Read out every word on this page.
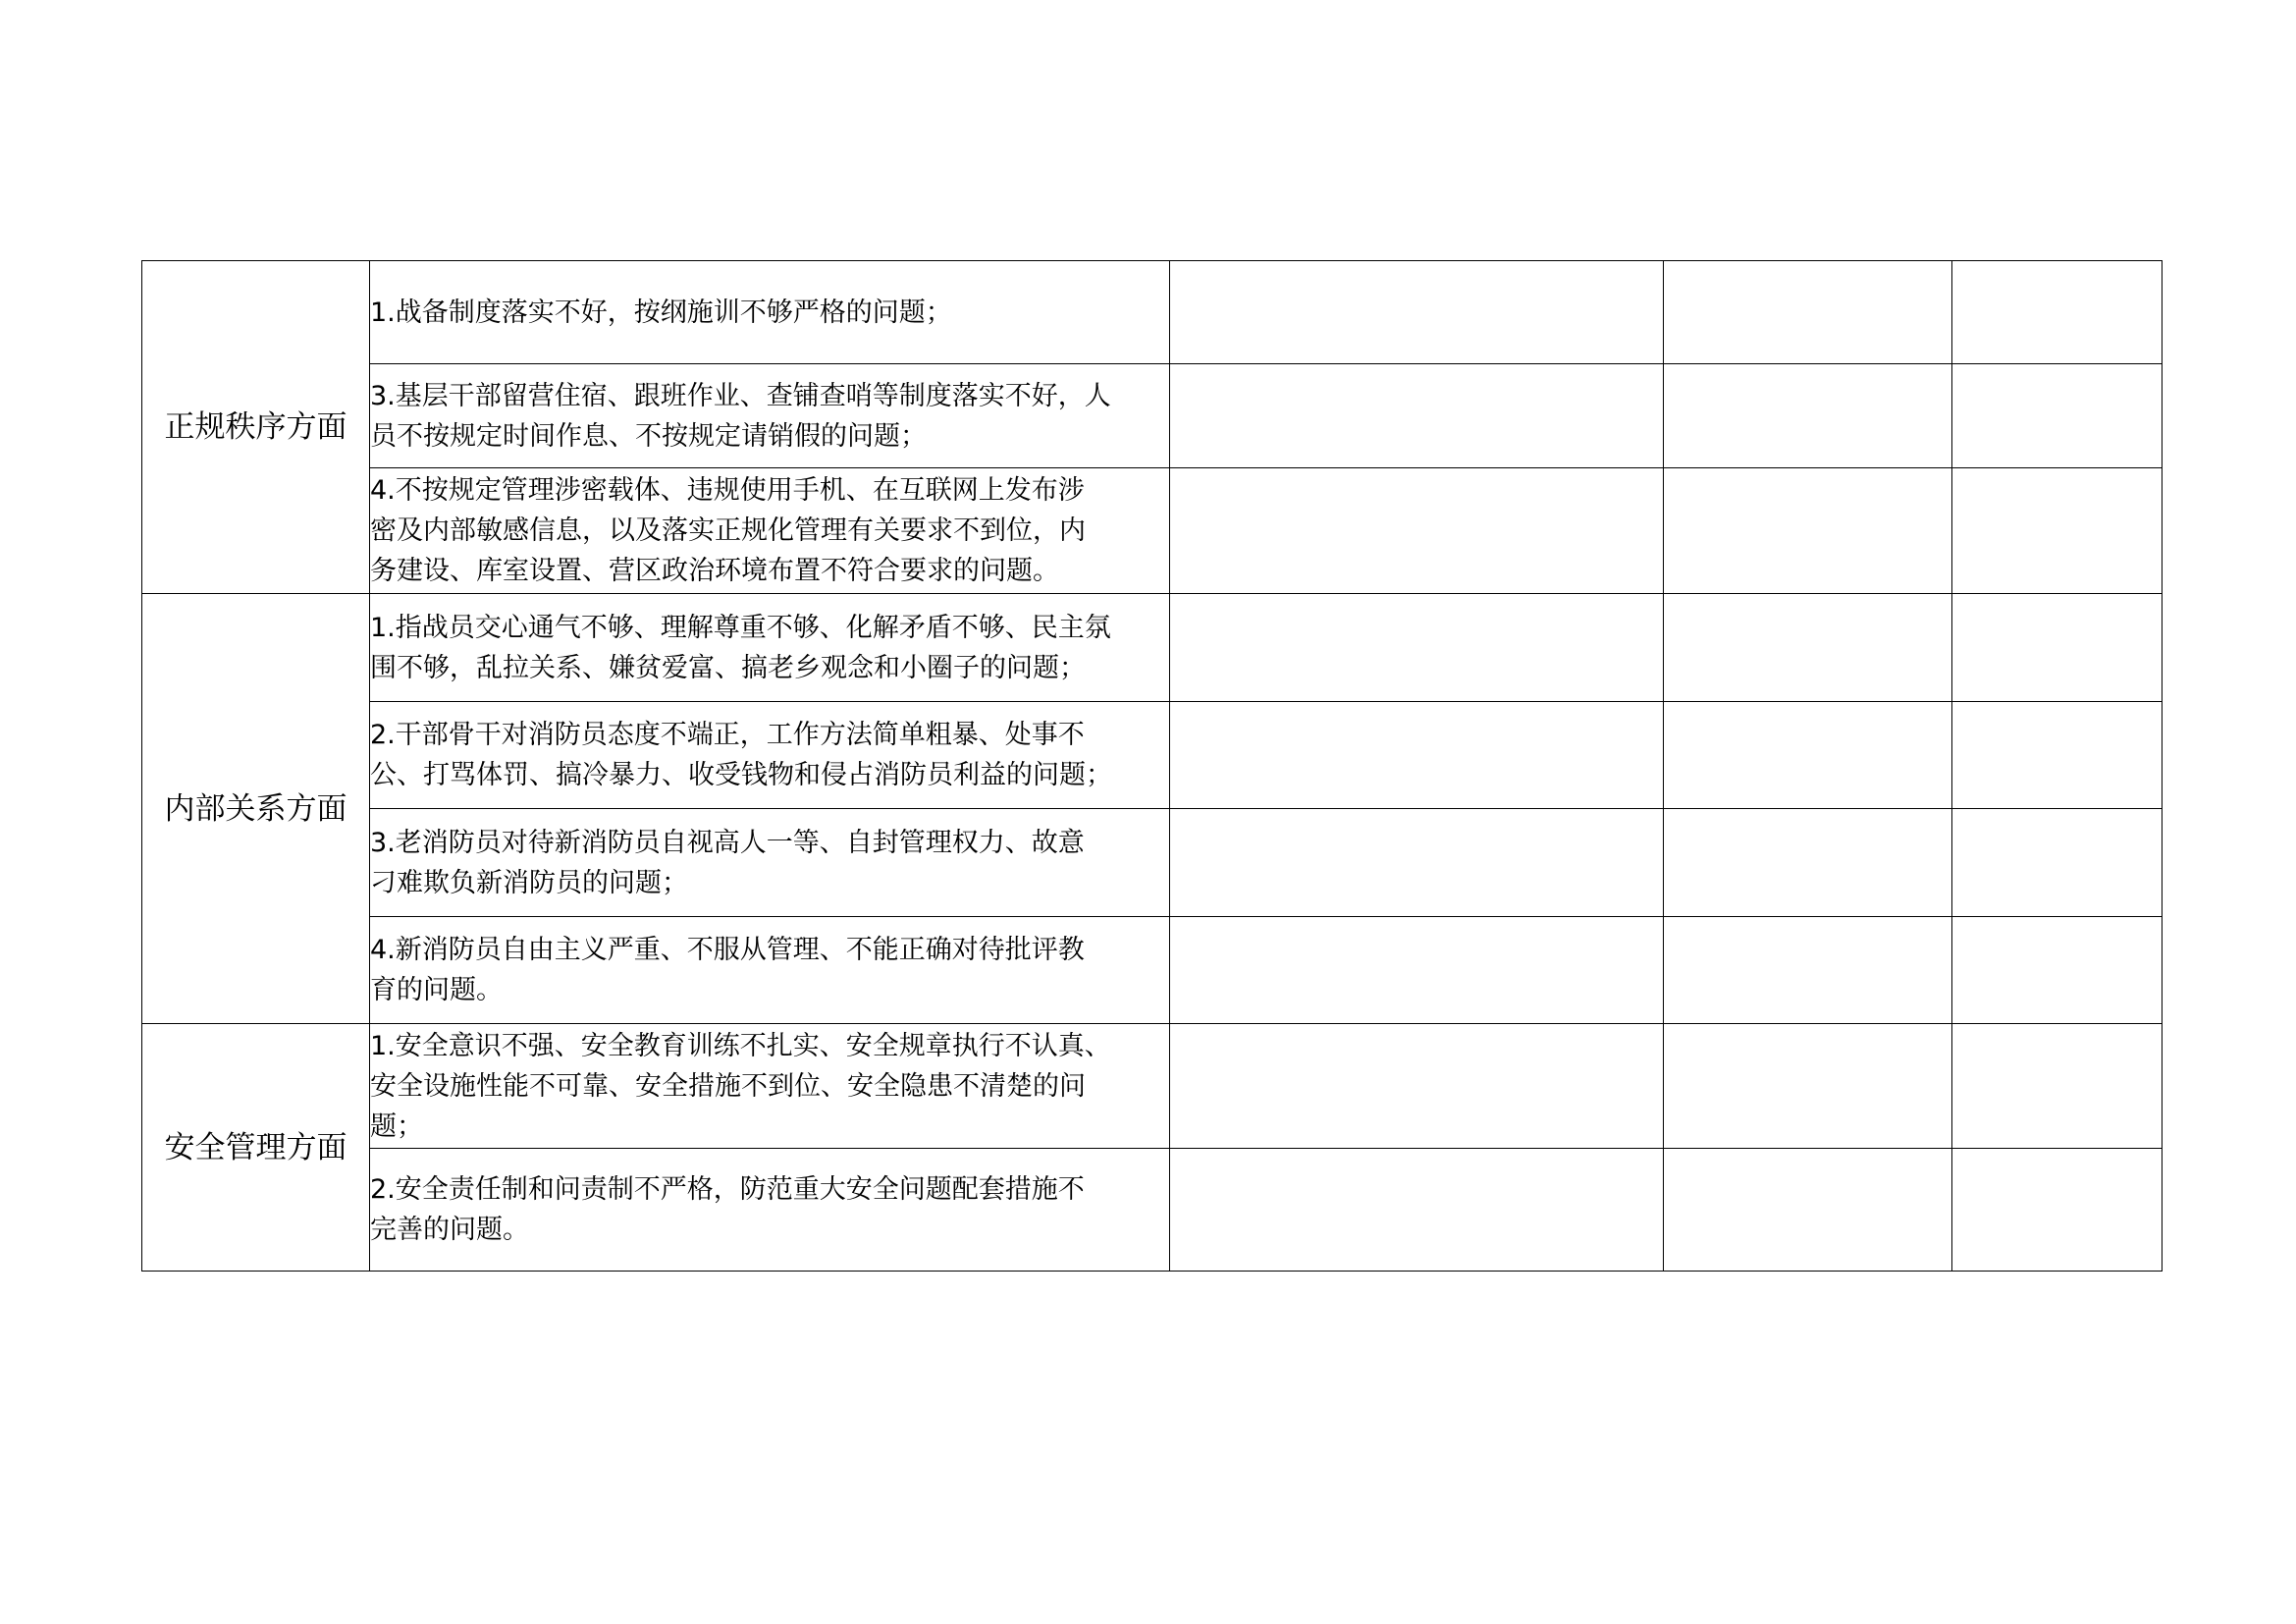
正规秩序方面	1.战备制度落实不好，按纲施训不够严格的问题；			

	3.基层干部留营住宿、跟班作业、查铺查哨等制度落实不好，人
员不按规定时间作息、不按规定请销假的问题；			

	4.不按规定管理涉密载体、违规使用手机、在互联网上发布涉
密及内部敏感信息，以及落实正规化管理有关要求不到位，内
务建设、库室设置、营区政治环境布置不符合要求的问题。			

内部关系方面	1.指战员交心通气不够、理解尊重不够、化解矛盾不够、民主氛
围不够，乱拉关系、嫌贫爱富、搞老乡观念和小圈子的问题；			

	2.干部骨干对消防员态度不端正，工作方法简单粗暴、处事不
公、打骂体罚、搞冷暴力、收受钱物和侵占消防员利益的问题；			

	3.老消防员对待新消防员自视高人一等、自封管理权力、故意
刁难欺负新消防员的问题；			

	4.新消防员自由主义严重、不服从管理、不能正确对待批评教
育的问题。			

安全管理方面	1.安全意识不强、安全教育训练不扎实、安全规章执行不认真、
安全设施性能不可靠、安全措施不到位、安全隐患不清楚的问
题；			

	2.安全责任制和问责制不严格，防范重大安全问题配套措施不
完善的问题。			
